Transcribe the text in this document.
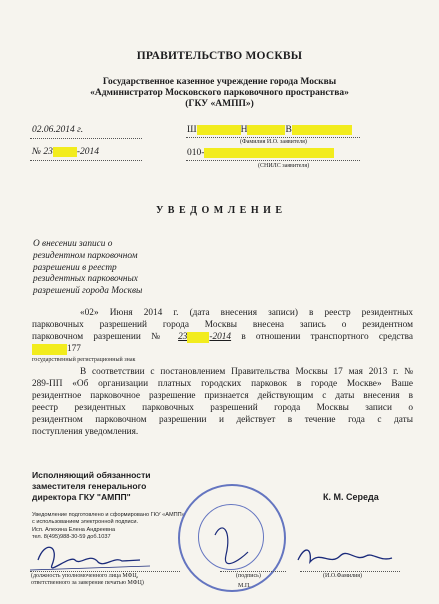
ПРАВИТЕЛЬСТВО МОСКВЫ
Государственное казенное учреждение города Москвы
«Администратор Московского парковочного пространства»
(ГКУ «АМПП»)
02.06.2014 г.
№ 23	-2014
Ш	Н	В
(Фамилия И.О. заявителя)
010-
(СНИЛС заявителя)
У В Е Д О М Л Е Н И Е
О внесении записи о
резидентном парковочном
разрешении в реестр
резидентных парковочных
разрешений города Москвы
«02» Июня 2014 г. (дата внесения записи) в реестр резидентных
парковочных разрешений города Москвы внесена запись о резидентном
парковочном разрешении № 23 -2014 в отношении транспортного средства
177
государственный регистрационный знак
В соответствии с постановлением Правительства Москвы 17 мая 2013 г. №
289-ПП «Об организации платных городских парковок в городе Москве» Ваше
резидентное парковочное разрешение признается действующим с даты внесения в
реестр резидентных парковочных разрешений города Москвы записи о
резидентном парковочном разрешении и действует в течение года с даты
поступления уведомления.
Исполняющий обязанности
заместителя генерального
директора ГКУ "АМПП"	К. М. Середа
Уведомление подготовлено и сформировано ГКУ «АМПП»
с использованием электронной подписи.
Исп. Алехина Елена Андреевна
тел. 8(495)988-30-59 доб.1037
(должность уполномоченного лица МФЦ,
ответственного за заверение печатью МФЦ)
(подпись)
М.П.
(И.О.Фамилия)
